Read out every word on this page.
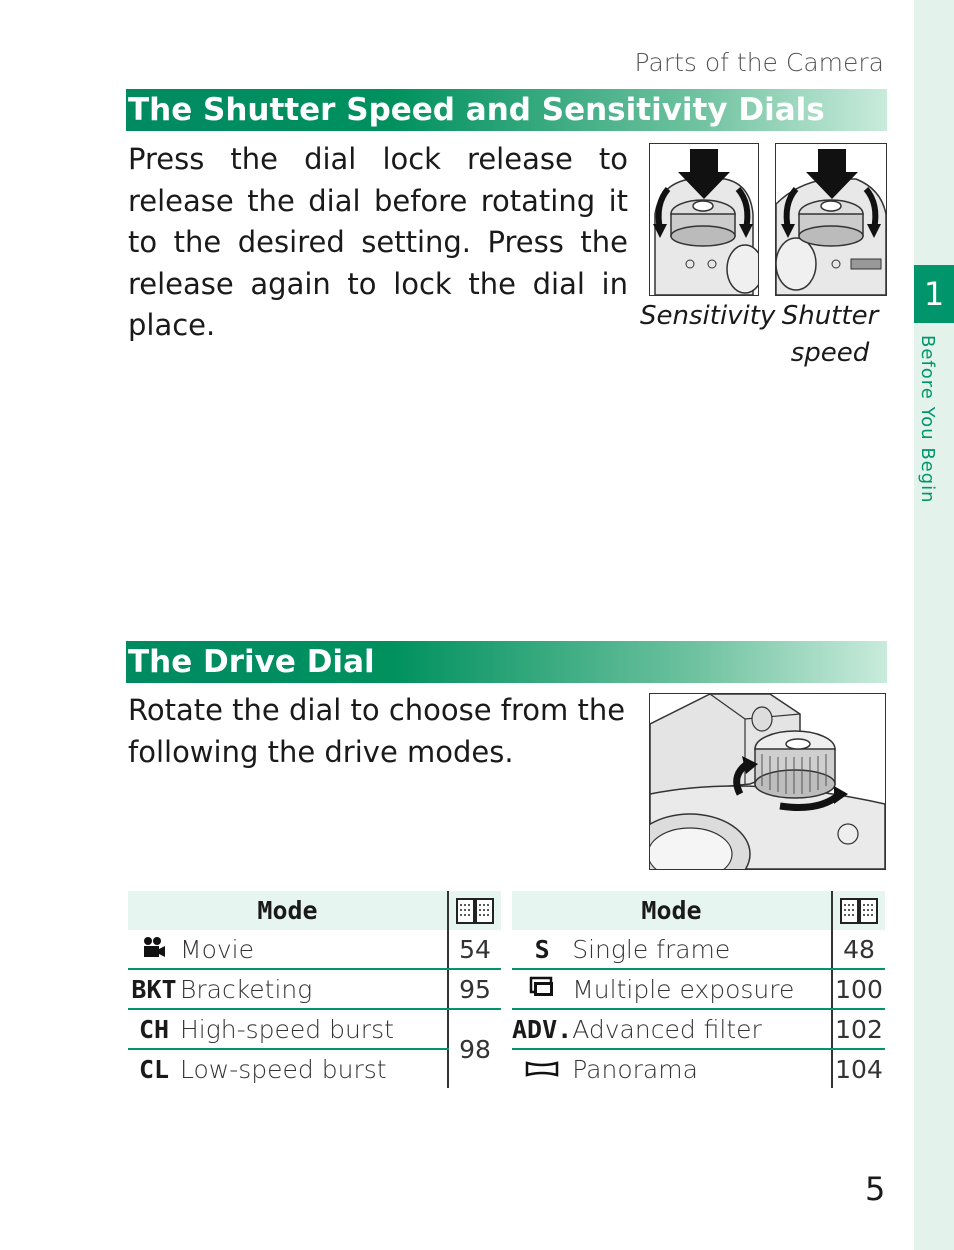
1
Before You Begin
Parts of the Camera
The Shutter Speed and Sensitivity Dials
Press the dial lock release to release the dial before rotating it to the desired setting. Press the release again to lock the dial in place.	Sensitivity Shutter speed
The Drive Dial
Rotate the dial to choose from the following the drive modes.
Mode	
	Movie	54
BKT	Bracketing	95
CH	High-speed burst	98
CL	Low-speed burst	
Mode	
S	Single frame	48
	Multiple exposure	100
ADV.	Advanced filter	102
	Panorama	104
5
